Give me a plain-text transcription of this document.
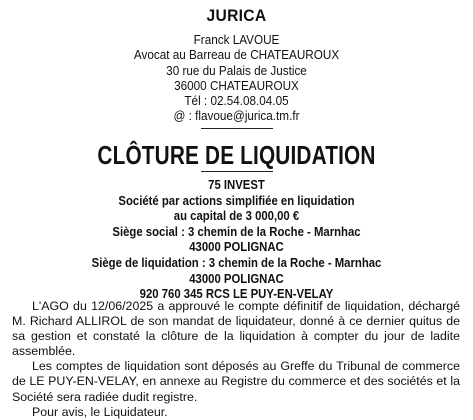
JURICA
Franck LAVOUE
Avocat au Barreau de CHATEAUROUX
30 rue du Palais de Justice
36000 CHATEAUROUX
Tél : 02.54.08.04.05
@ : flavoue@jurica.tm.fr
CLÔTURE DE LIQUIDATION
75 INVEST
Société par actions simplifiée en liquidation
au capital de 3 000,00 €
Siège social : 3 chemin de la Roche - Marnhac
43000 POLIGNAC
Siège de liquidation : 3 chemin de la Roche - Marnhac
43000 POLIGNAC
920 760 345 RCS LE PUY-EN-VELAY

L'AGO du 12/06/2025 a approuvé le compte définitif de liquidation, déchargé M. Richard ALLIROL de son mandat de liquidateur, donné à ce dernier quitus de sa gestion et constaté la clôture de la liquidation à compter du jour de ladite assemblée.

Les comptes de liquidation sont déposés au Greffe du Tribunal de commerce de LE PUY-EN-VELAY, en annexe au Registre du commerce et des sociétés et la Société sera radiée dudit registre.

Pour avis, le Liquidateur.
